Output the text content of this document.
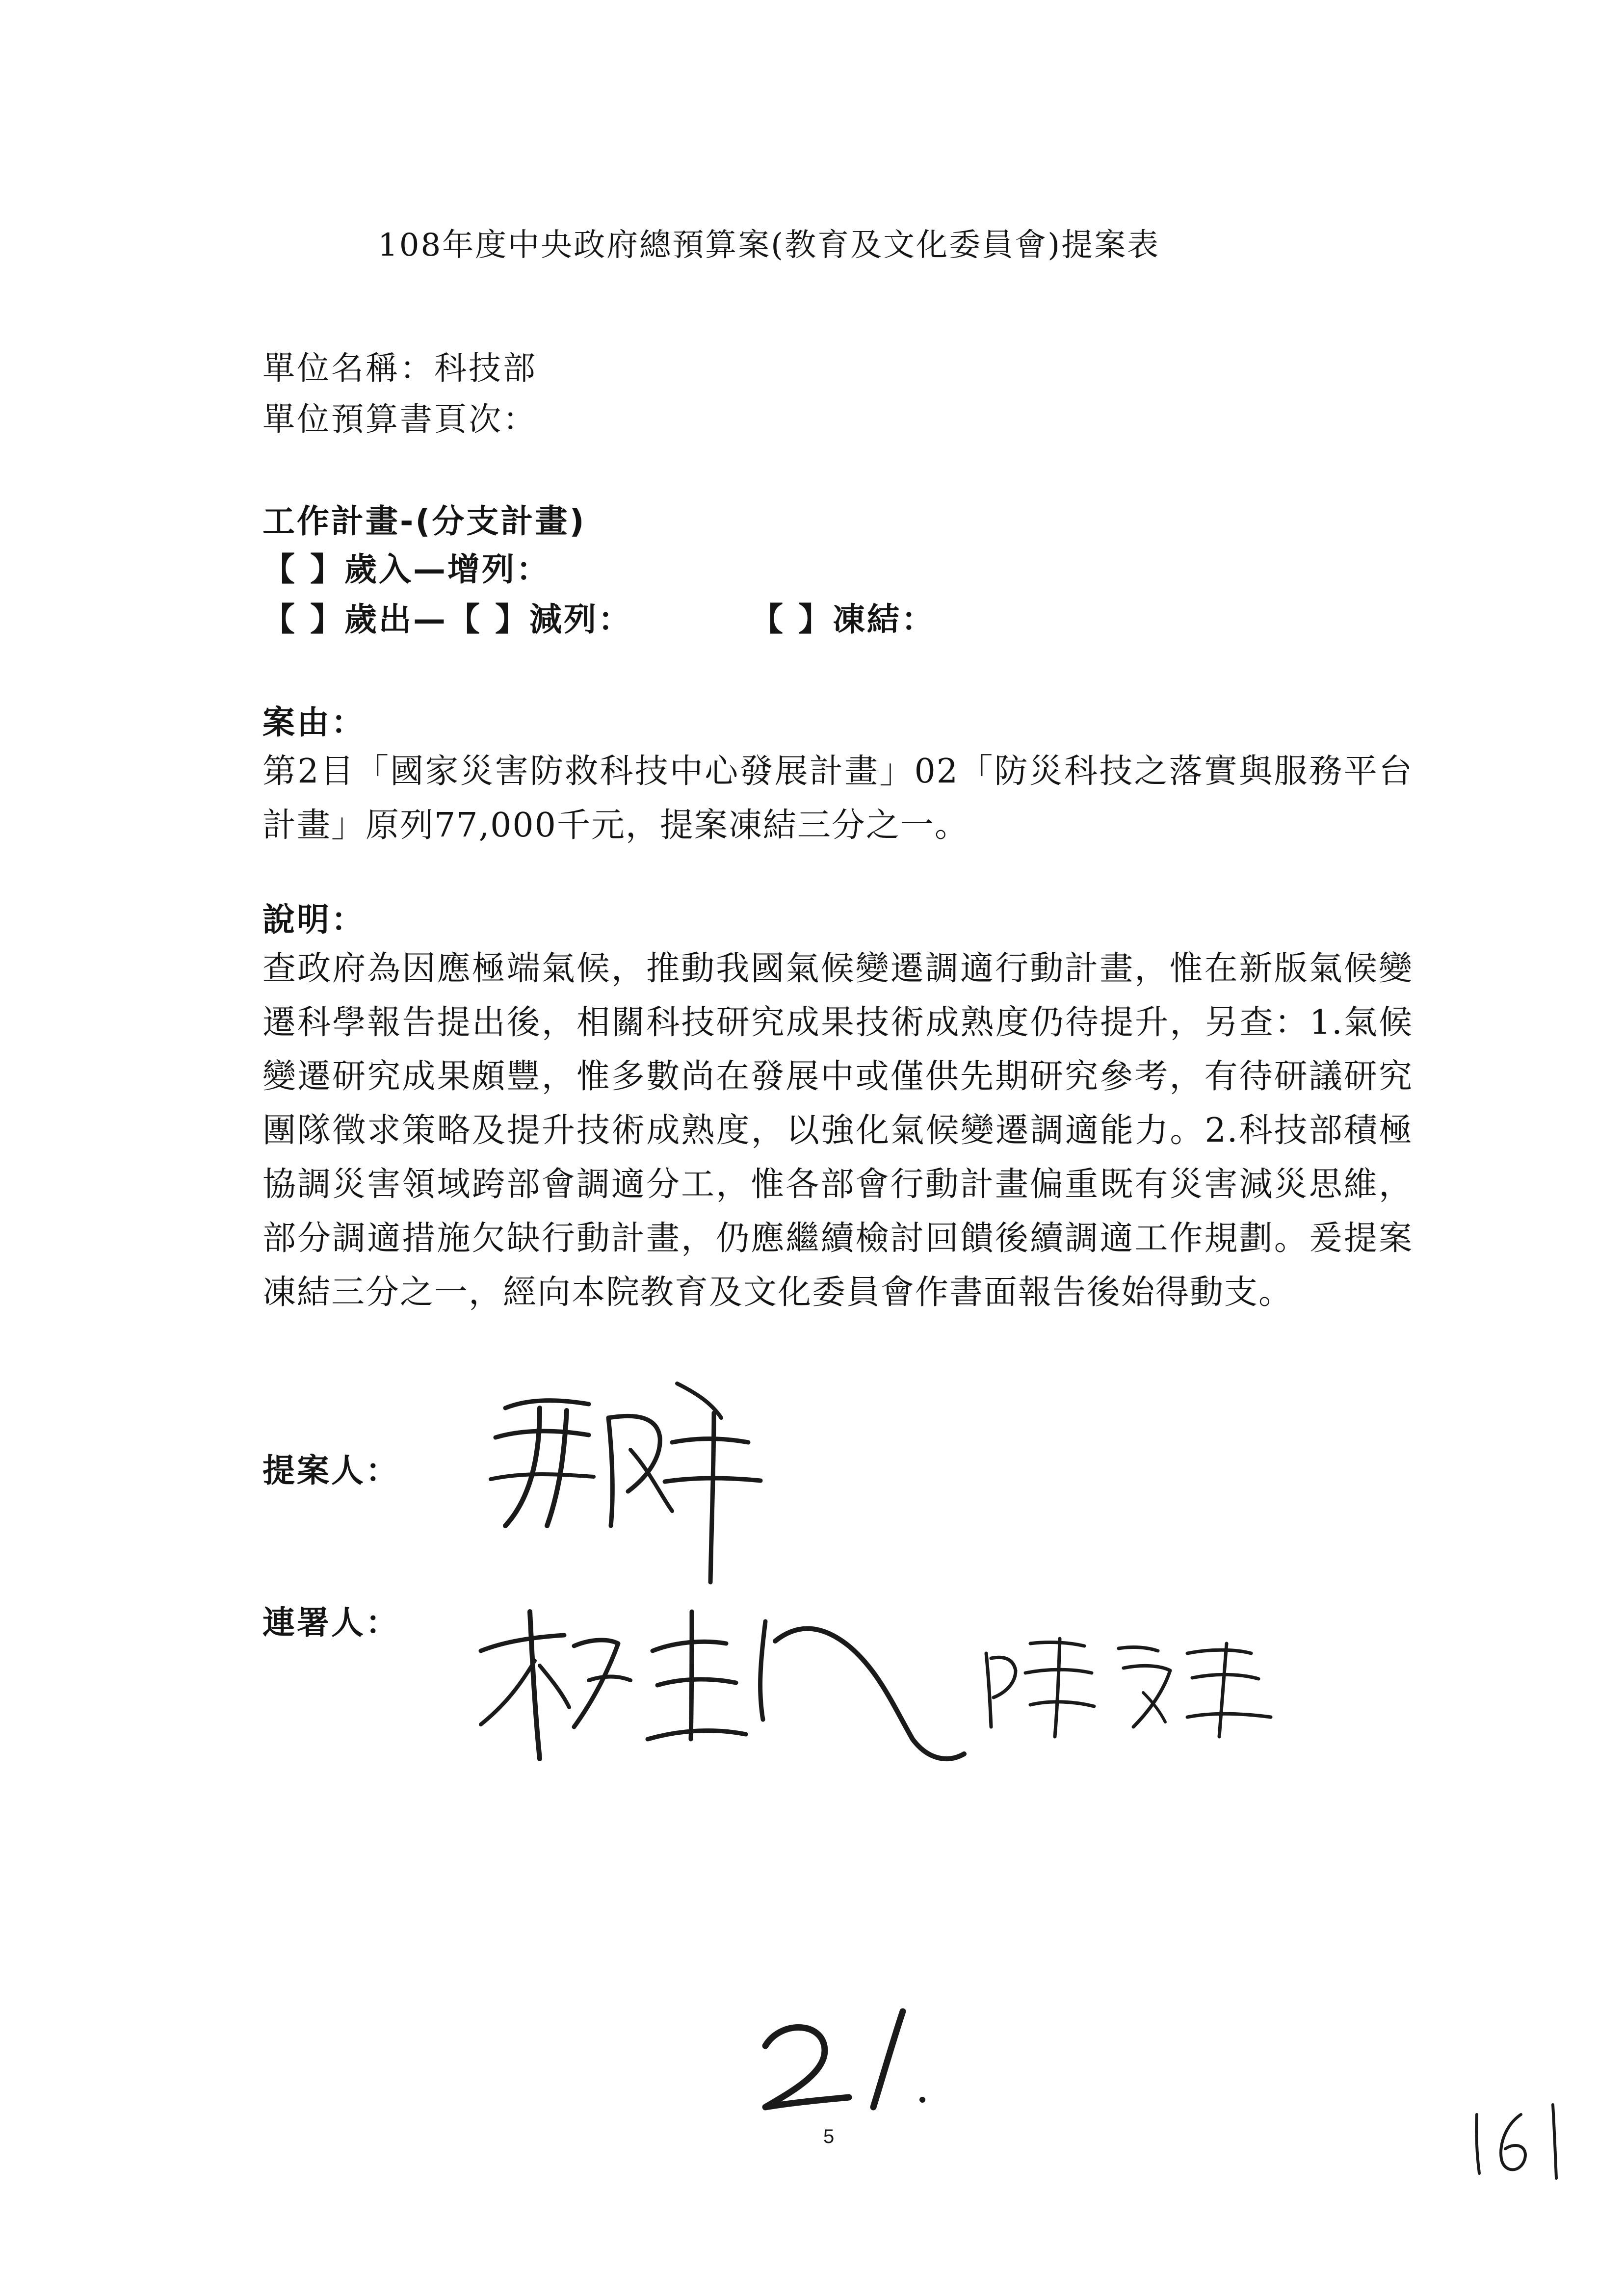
108年度中央政府總預算案(教育及文化委員會)提案表
單位名稱：科技部
單位預算書頁次：
工作計畫-(分支計畫)
【 】歲入—增列：
【 】歲出—【 】減列：	【 】凍結：
案由：
第2目「國家災害防救科技中心發展計畫」02「防災科技之落實與服務平台計畫」原列77,000千元，提案凍結三分之一。
說明：
查政府為因應極端氣候，推動我國氣候變遷調適行動計畫，惟在新版氣候變遷科學報告提出後，相關科技研究成果技術成熟度仍待提升，另查：1.氣候變遷研究成果頗豐，惟多數尚在發展中或僅供先期研究參考，有待研議研究團隊徵求策略及提升技術成熟度，以強化氣候變遷調適能力。2.科技部積極協調災害領域跨部會調適分工，惟各部會行動計畫偏重既有災害減災思維，部分調適措施欠缺行動計畫，仍應繼續檢討回饋後續調適工作規劃。爰提案凍結三分之一，經向本院教育及文化委員會作書面報告後始得動支。
提案人：
連署人：
5
